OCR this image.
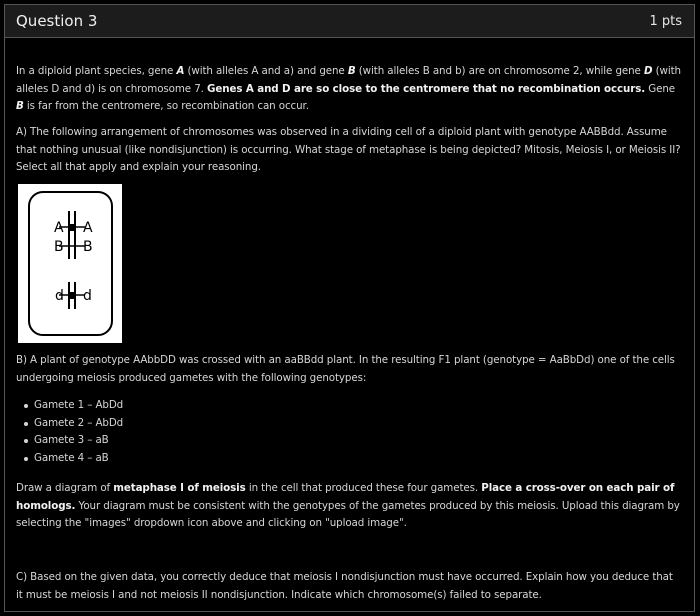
Question 3	1 pts
In a diploid plant species, gene A (with alleles A and a) and gene B (with alleles B and b) are on chromosome 2, while gene D (with alleles D and d) is on chromosome 7. Genes A and D are so close to the centromere that no recombination occurs. Gene B is far from the centromere, so recombination can occur.
A) The following arrangement of chromosomes was observed in a dividing cell of a diploid plant with genotype AABBdd. Assume that nothing unusual (like nondisjunction) is occurring. What stage of metaphase is being depicted? Mitosis, Meiosis I, or Meiosis II? Select all that apply and explain your reasoning.
A A
B B
d d
B) A plant of genotype AAbbDD was crossed with an aaBBdd plant. In the resulting F1 plant (genotype = AaBbDd) one of the cells undergoing meiosis produced gametes with the following genotypes:
Gamete 1 – AbDd
Gamete 2 – AbDd
Gamete 3 – aB
Gamete 4 – aB
Draw a diagram of metaphase I of meiosis in the cell that produced these four gametes. Place a cross-over on each pair of homologs. Your diagram must be consistent with the genotypes of the gametes produced by this meiosis. Upload this diagram by selecting the "images" dropdown icon above and clicking on "upload image".
C) Based on the given data, you correctly deduce that meiosis I nondisjunction must have occurred. Explain how you deduce that it must be meiosis I and not meiosis II nondisjunction. Indicate which chromosome(s) failed to separate.
